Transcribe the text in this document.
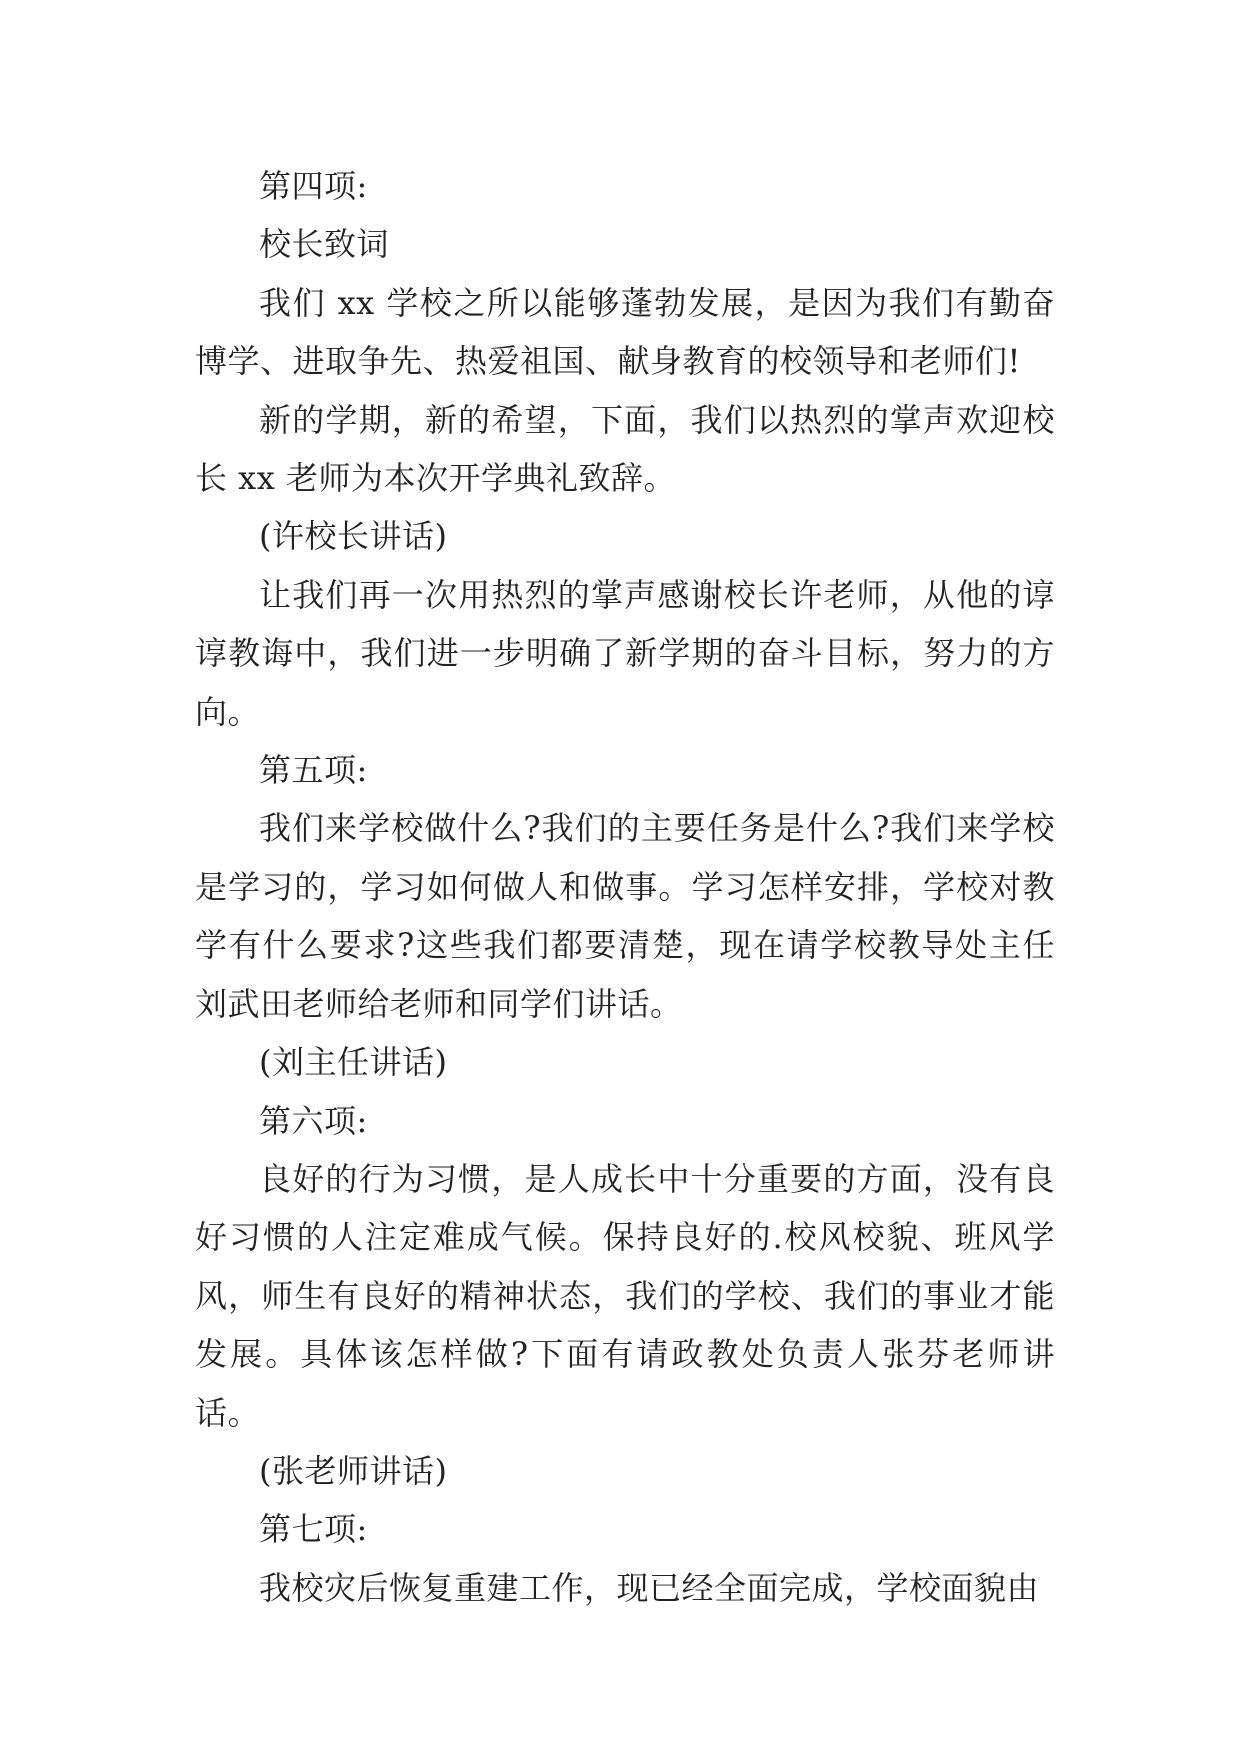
第四项:

校长致词

我们 xx 学校之所以能够蓬勃发展，是因为我们有勤奋博学、进取争先、热爱祖国、献身教育的校领导和老师们!

新的学期，新的希望，下面，我们以热烈的掌声欢迎校长 xx 老师为本次开学典礼致辞。

(许校长讲话)

让我们再一次用热烈的掌声感谢校长许老师，从他的谆谆教诲中，我们进一步明确了新学期的奋斗目标，努力的方向。

第五项:

我们来学校做什么?我们的主要任务是什么?我们来学校是学习的，学习如何做人和做事。学习怎样安排，学校对教学有什么要求?这些我们都要清楚，现在请学校教导处主任刘武田老师给老师和同学们讲话。

(刘主任讲话)

第六项:

良好的行为习惯，是人成长中十分重要的方面，没有良好习惯的人注定难成气候。保持良好的.校风校貌、班风学风，师生有良好的精神状态，我们的学校、我们的事业才能发展。具体该怎样做?下面有请政教处负责人张芬老师讲话。

(张老师讲话)

第七项:

我校灾后恢复重建工作，现已经全面完成，学校面貌由
